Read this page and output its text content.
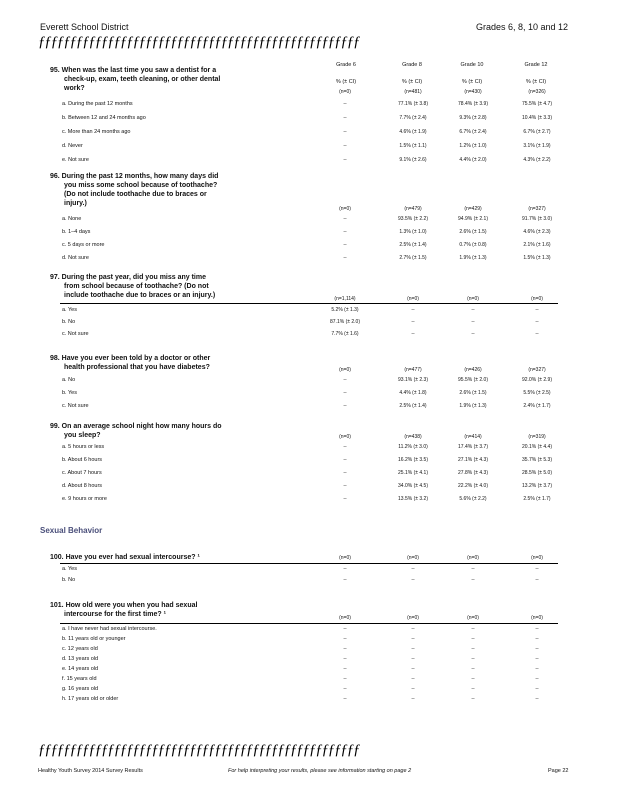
Everett School District	Grades 6, 8, 10 and 12
ƒƒƒƒƒƒƒƒƒƒƒƒƒƒƒƒƒƒƒƒƒƒƒƒƒƒƒƒƒƒƒƒƒƒƒƒƒƒƒƒƒƒƒƒƒƒƒƒƒƒƒ
Grade 6	Grade 8	Grade 10	Grade 12
% (± CI)	% (± CI)	% (± CI)	% (± CI)
95. When was the last time you saw a dentist for a
check-up, exam, teeth cleaning, or other dental
work?	(n=0)	(n=481)	(n=430)	(n=326)
a. During the past 12 months	--	77.1% (± 3.8)	78.4% (± 3.9)	75.5% (± 4.7)
b. Between 12 and 24 months ago	--	7.7% (± 2.4)	9.3% (± 2.8)	10.4% (± 3.3)
c. More than 24 months ago	--	4.6% (± 1.9)	6.7% (± 2.4)	6.7% (± 2.7)
d. Never	--	1.5% (± 1.1)	1.2% (± 1.0)	3.1% (± 1.9)
e. Not sure	--	9.1% (± 2.6)	4.4% (± 2.0)	4.3% (± 2.2)
96. During the past 12 months, how many days did
you miss some school because of toothache?
(Do not include toothache due to braces or
injury.)
(n=0)	(n=479)	(n=429)	(n=327)
a. None	--	93.5% (± 2.2)	94.9% (± 2.1)	91.7% (± 3.0)
b. 1–4 days	--	1.3% (± 1.0)	2.6% (± 1.5)	4.6% (± 2.3)
c. 5 days or more	--	2.5% (± 1.4)	0.7% (± 0.8)	2.1% (± 1.6)
d. Not sure	--	2.7% (± 1.5)	1.9% (± 1.3)	1.5% (± 1.3)
97. During the past year, did you miss any time
from school because of toothache? (Do not
include toothache due to braces or an injury.)	(n=1,114)	(n=0)	(n=0)	(n=0)
a. Yes	5.2% (± 1.3)	--	--	--
b. No	87.1% (± 2.0)	--	--	--
c. Not sure	7.7% (± 1.6)	--	--	--
98. Have you ever been told by a doctor or other
health professional that you have diabetes?	(n=0)	(n=477)	(n=426)	(n=327)
a. No	--	93.1% (± 2.3)	95.5% (± 2.0)	92.0% (± 2.9)
b. Yes	--	4.4% (± 1.8)	2.6% (± 1.5)	5.5% (± 2.5)
c. Not sure	--	2.5% (± 1.4)	1.9% (± 1.3)	2.4% (± 1.7)
99. On an average school night how many hours do
you sleep?	(n=0)	(n=438)	(n=414)	(n=319)
a. 5 hours or less	--	11.2% (± 3.0)	17.4% (± 3.7)	20.1% (± 4.4)
b. About 6 hours	--	16.2% (± 3.5)	27.1% (± 4.3)	35.7% (± 5.3)
c. About 7 hours	--	25.1% (± 4.1)	27.8% (± 4.3)	28.5% (± 5.0)
d. About 8 hours	--	34.0% (± 4.5)	22.2% (± 4.0)	13.2% (± 3.7)
e. 9 hours or more	--	13.5% (± 3.2)	5.6% (± 2.2)	2.5% (± 1.7)
100. Have you ever had sexual intercourse? ¹	(n=0)	(n=0)	(n=0)	(n=0)
a. Yes	--	--	--	--
b. No	--	--	--	--
101. How old were you when you had sexual
intercourse for the first time? ¹	(n=0)	(n=0)	(n=0)	(n=0)
a. I have never had sexual intercourse.	--	--	--	--
b. 11 years old or younger	--	--	--	--
c. 12 years old	--	--	--	--
d. 13 years old	--	--	--	--
e. 14 years old	--	--	--	--
f. 15 years old	--	--	--	--
g. 16 years old	--	--	--	--
h. 17 years old or older	--	--	--	--
Sexual Behavior
ƒƒƒƒƒƒƒƒƒƒƒƒƒƒƒƒƒƒƒƒƒƒƒƒƒƒƒƒƒƒƒƒƒƒƒƒƒƒƒƒƒƒƒƒƒƒƒƒƒƒƒ
Healthy Youth Survey 2014 Survey Results	For help interpreting your results, please see information starting on page 2	Page 22
